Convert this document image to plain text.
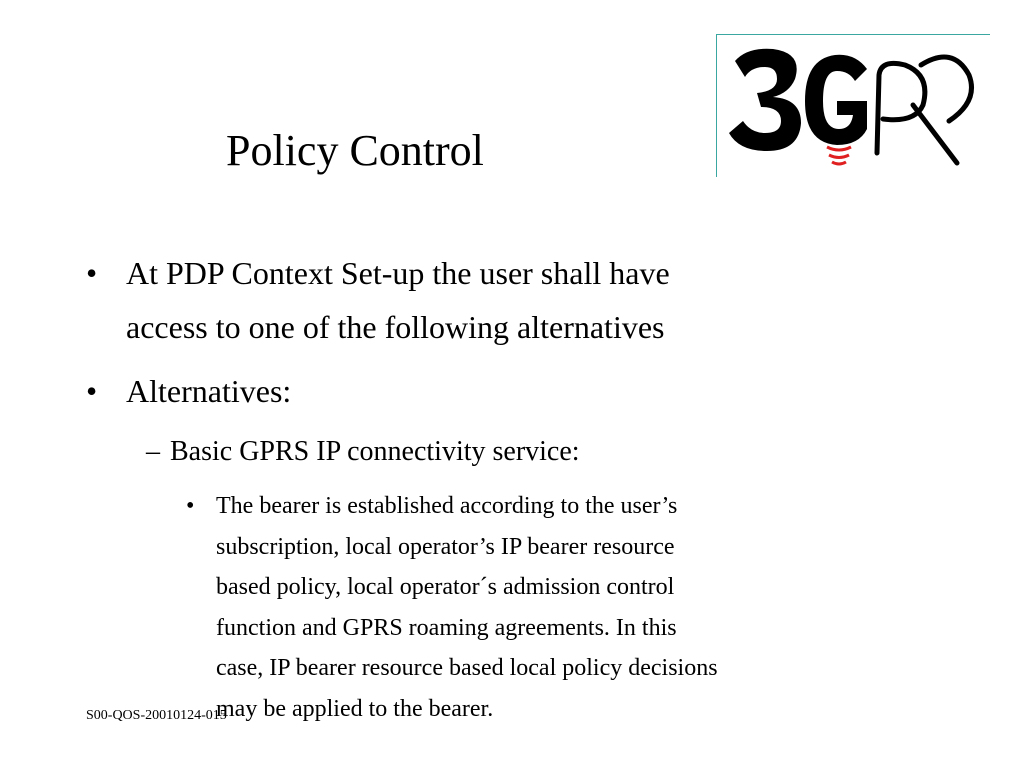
Policy Control
• At PDP Context Set-up the user shall have
access to one of the following alternatives
• Alternatives:
– Basic GPRS IP connectivity service:
• The bearer is established according to the user’s
subscription, local operator’s IP bearer resource
based policy, local operator´s admission control
function and GPRS roaming agreements. In this
case, IP bearer resource based local policy decisions
may be applied to the bearer.
S00-QOS-20010124-015
